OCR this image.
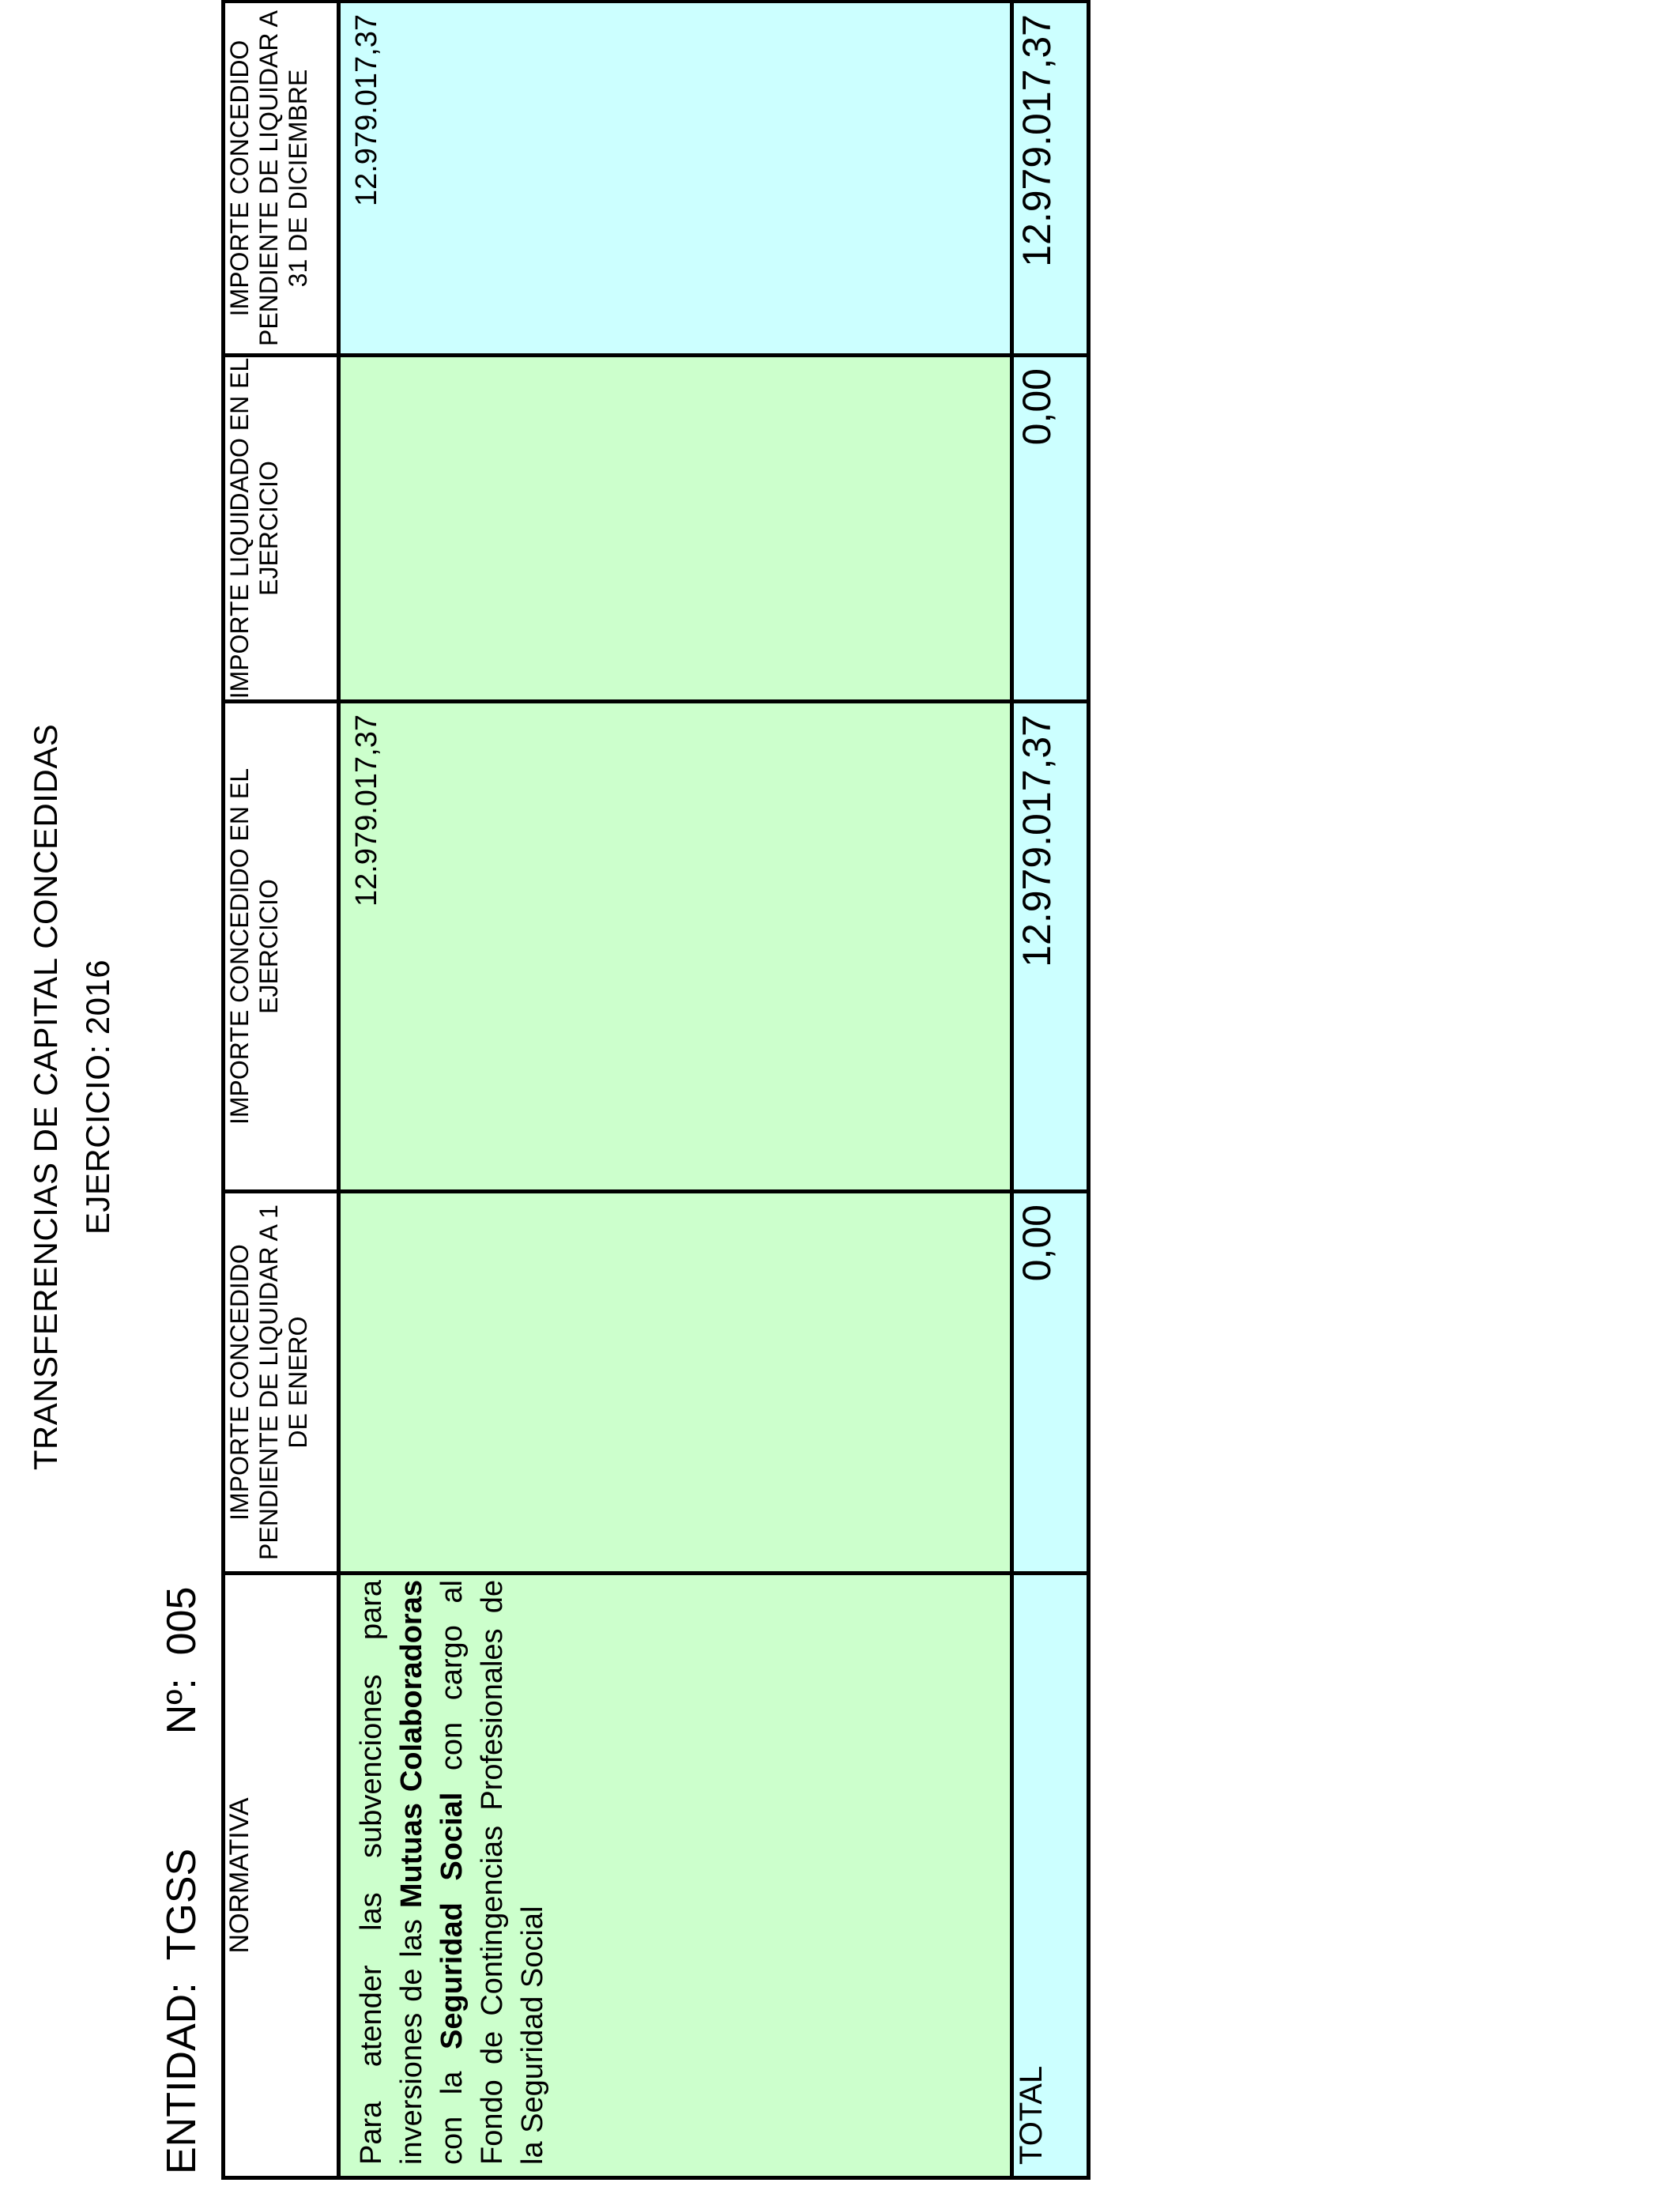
TRANSFERENCIAS DE CAPITAL CONCEDIDAS EJERCICIO: 2016
ENTIDAD:  TGSS          Nº:  005
NORMATIVA	IMPORTE CONCEDIDO PENDIENTE DE LIQUIDAR A 1 DE ENERO	IMPORTE CONCEDIDO EN EL EJERCICIO	IMPORTE LIQUIDADO EN EL EJERCICIO	IMPORTE CONCEDIDO PENDIENTE DE LIQUIDAR A 31 DE DICIEMBRE

Para atender las subvenciones para inversiones de las Mutuas Colaboradoras con la Seguridad Social con cargo al Fondo de Contingencias Profesionales de la Seguridad Social		12.979.017,37		12.979.017,37

TOTAL	0,00	12.979.017,37	0,00	12.979.017,37
